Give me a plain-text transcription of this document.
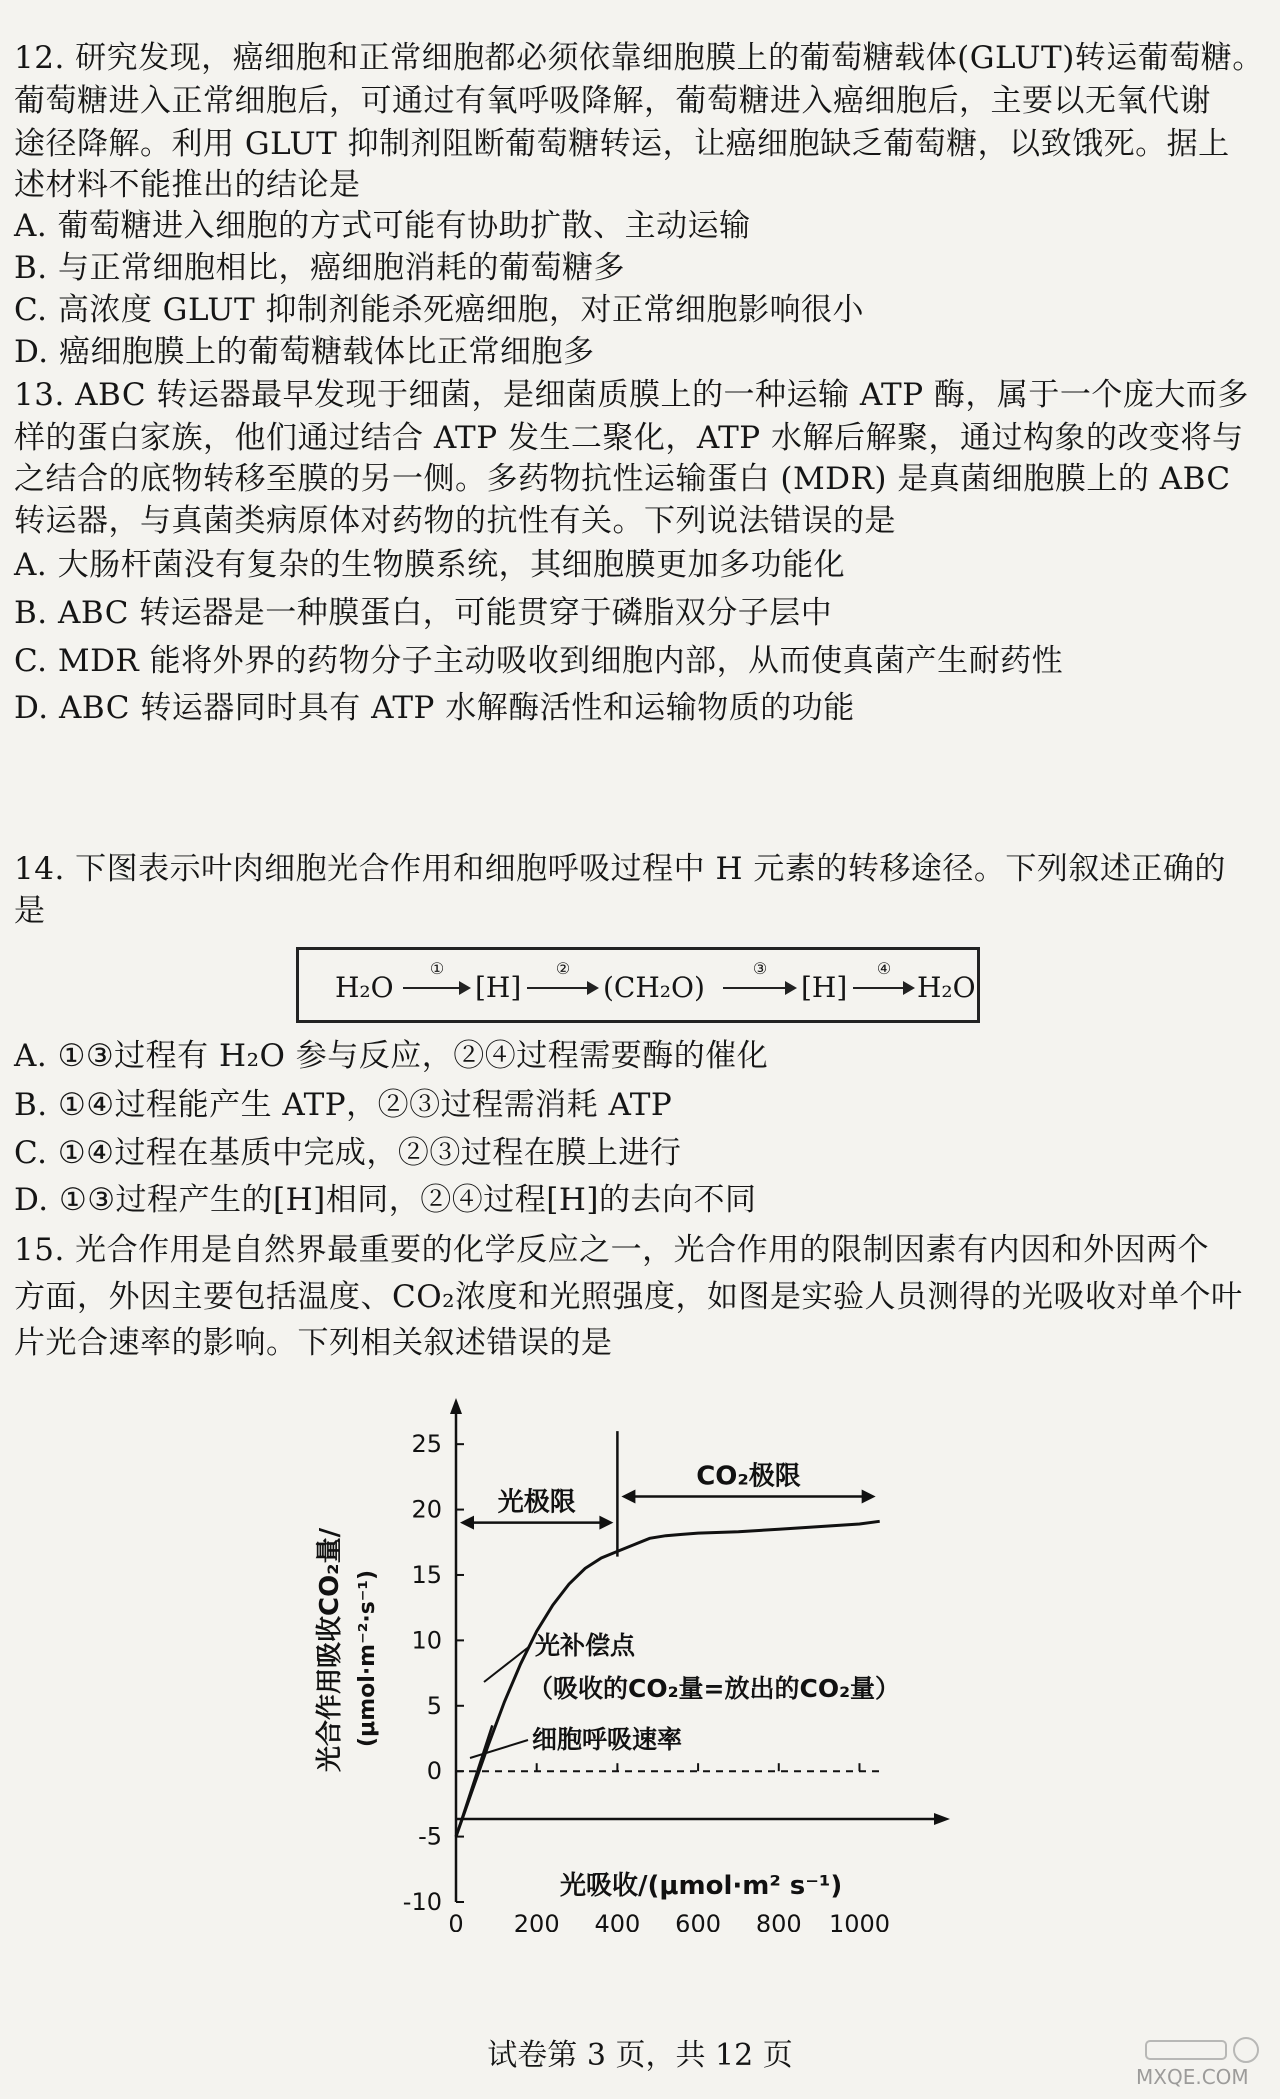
12. 研究发现，癌细胞和正常细胞都必须依靠细胞膜上的葡萄糖载体(GLUT)转运葡萄糖。
葡萄糖进入正常细胞后，可通过有氧呼吸降解，葡萄糖进入癌细胞后，主要以无氧代谢
途径降解。利用 GLUT 抑制剂阻断葡萄糖转运，让癌细胞缺乏葡萄糖，以致饿死。据上
述材料不能推出的结论是
A. 葡萄糖进入细胞的方式可能有协助扩散、主动运输
B. 与正常细胞相比，癌细胞消耗的葡萄糖多
C. 高浓度 GLUT 抑制剂能杀死癌细胞，对正常细胞影响很小
D. 癌细胞膜上的葡萄糖载体比正常细胞多
13. ABC 转运器最早发现于细菌，是细菌质膜上的一种运输 ATP 酶，属于一个庞大而多
样的蛋白家族，他们通过结合 ATP 发生二聚化，ATP 水解后解聚，通过构象的改变将与
之结合的底物转移至膜的另一侧。多药物抗性运输蛋白 (MDR) 是真菌细胞膜上的 ABC
转运器，与真菌类病原体对药物的抗性有关。下列说法错误的是
A. 大肠杆菌没有复杂的生物膜系统，其细胞膜更加多功能化
B. ABC 转运器是一种膜蛋白，可能贯穿于磷脂双分子层中
C. MDR 能将外界的药物分子主动吸收到细胞内部，从而使真菌产生耐药性
D. ABC 转运器同时具有 ATP 水解酶活性和运输物质的功能
14. 下图表示叶肉细胞光合作用和细胞呼吸过程中 H 元素的转移途径。下列叙述正确的
是
H₂O
①
[H]
②
(CH₂O)
③
[H]
④
H₂O
A. ①③过程有 H₂O 参与反应，②④过程需要酶的催化
B. ①④过程能产生 ATP，②③过程需消耗 ATP
C. ①④过程在基质中完成，②③过程在膜上进行
D. ①③过程产生的[H]相同，②④过程[H]的去向不同
15. 光合作用是自然界最重要的化学反应之一，光合作用的限制因素有内因和外因两个
方面，外因主要包括温度、CO₂浓度和光照强度，如图是实验人员测得的光吸收对单个叶
片光合速率的影响。下列相关叙述错误的是
25
20
15
10
5
0
-5
-10
0 200 400 600 800 1000
光极限
CO₂极限
光补偿点
（吸收的CO₂量=放出的CO₂量）
细胞呼吸速率
光吸收/(μmol·m² s⁻¹)
光合作用吸收CO₂量/ (μmol·m⁻²·s⁻¹)
试卷第 3 页，共 12 页
MXQE.COM
